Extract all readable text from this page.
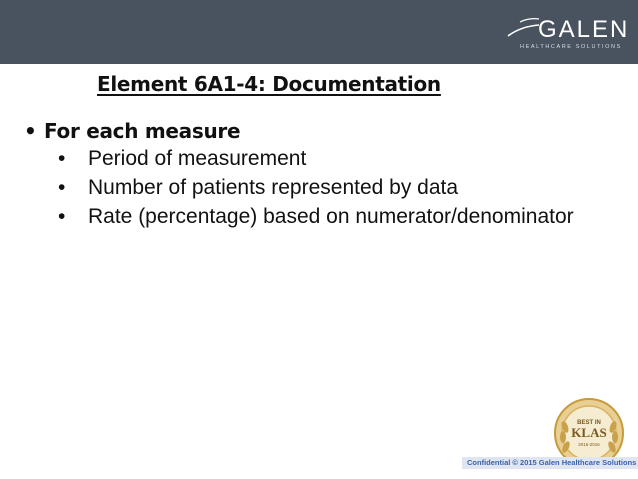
GALEN
HEALTHCARE SOLUTIONS
Element 6A1-4: Documentation
• For each measure
• Period of measurement
• Number of patients represented by data
• Rate (percentage) based on numerator/denominator
BEST IN
KLAS
2015-2016
Confidential © 2015 Galen Healthcare Solutions
